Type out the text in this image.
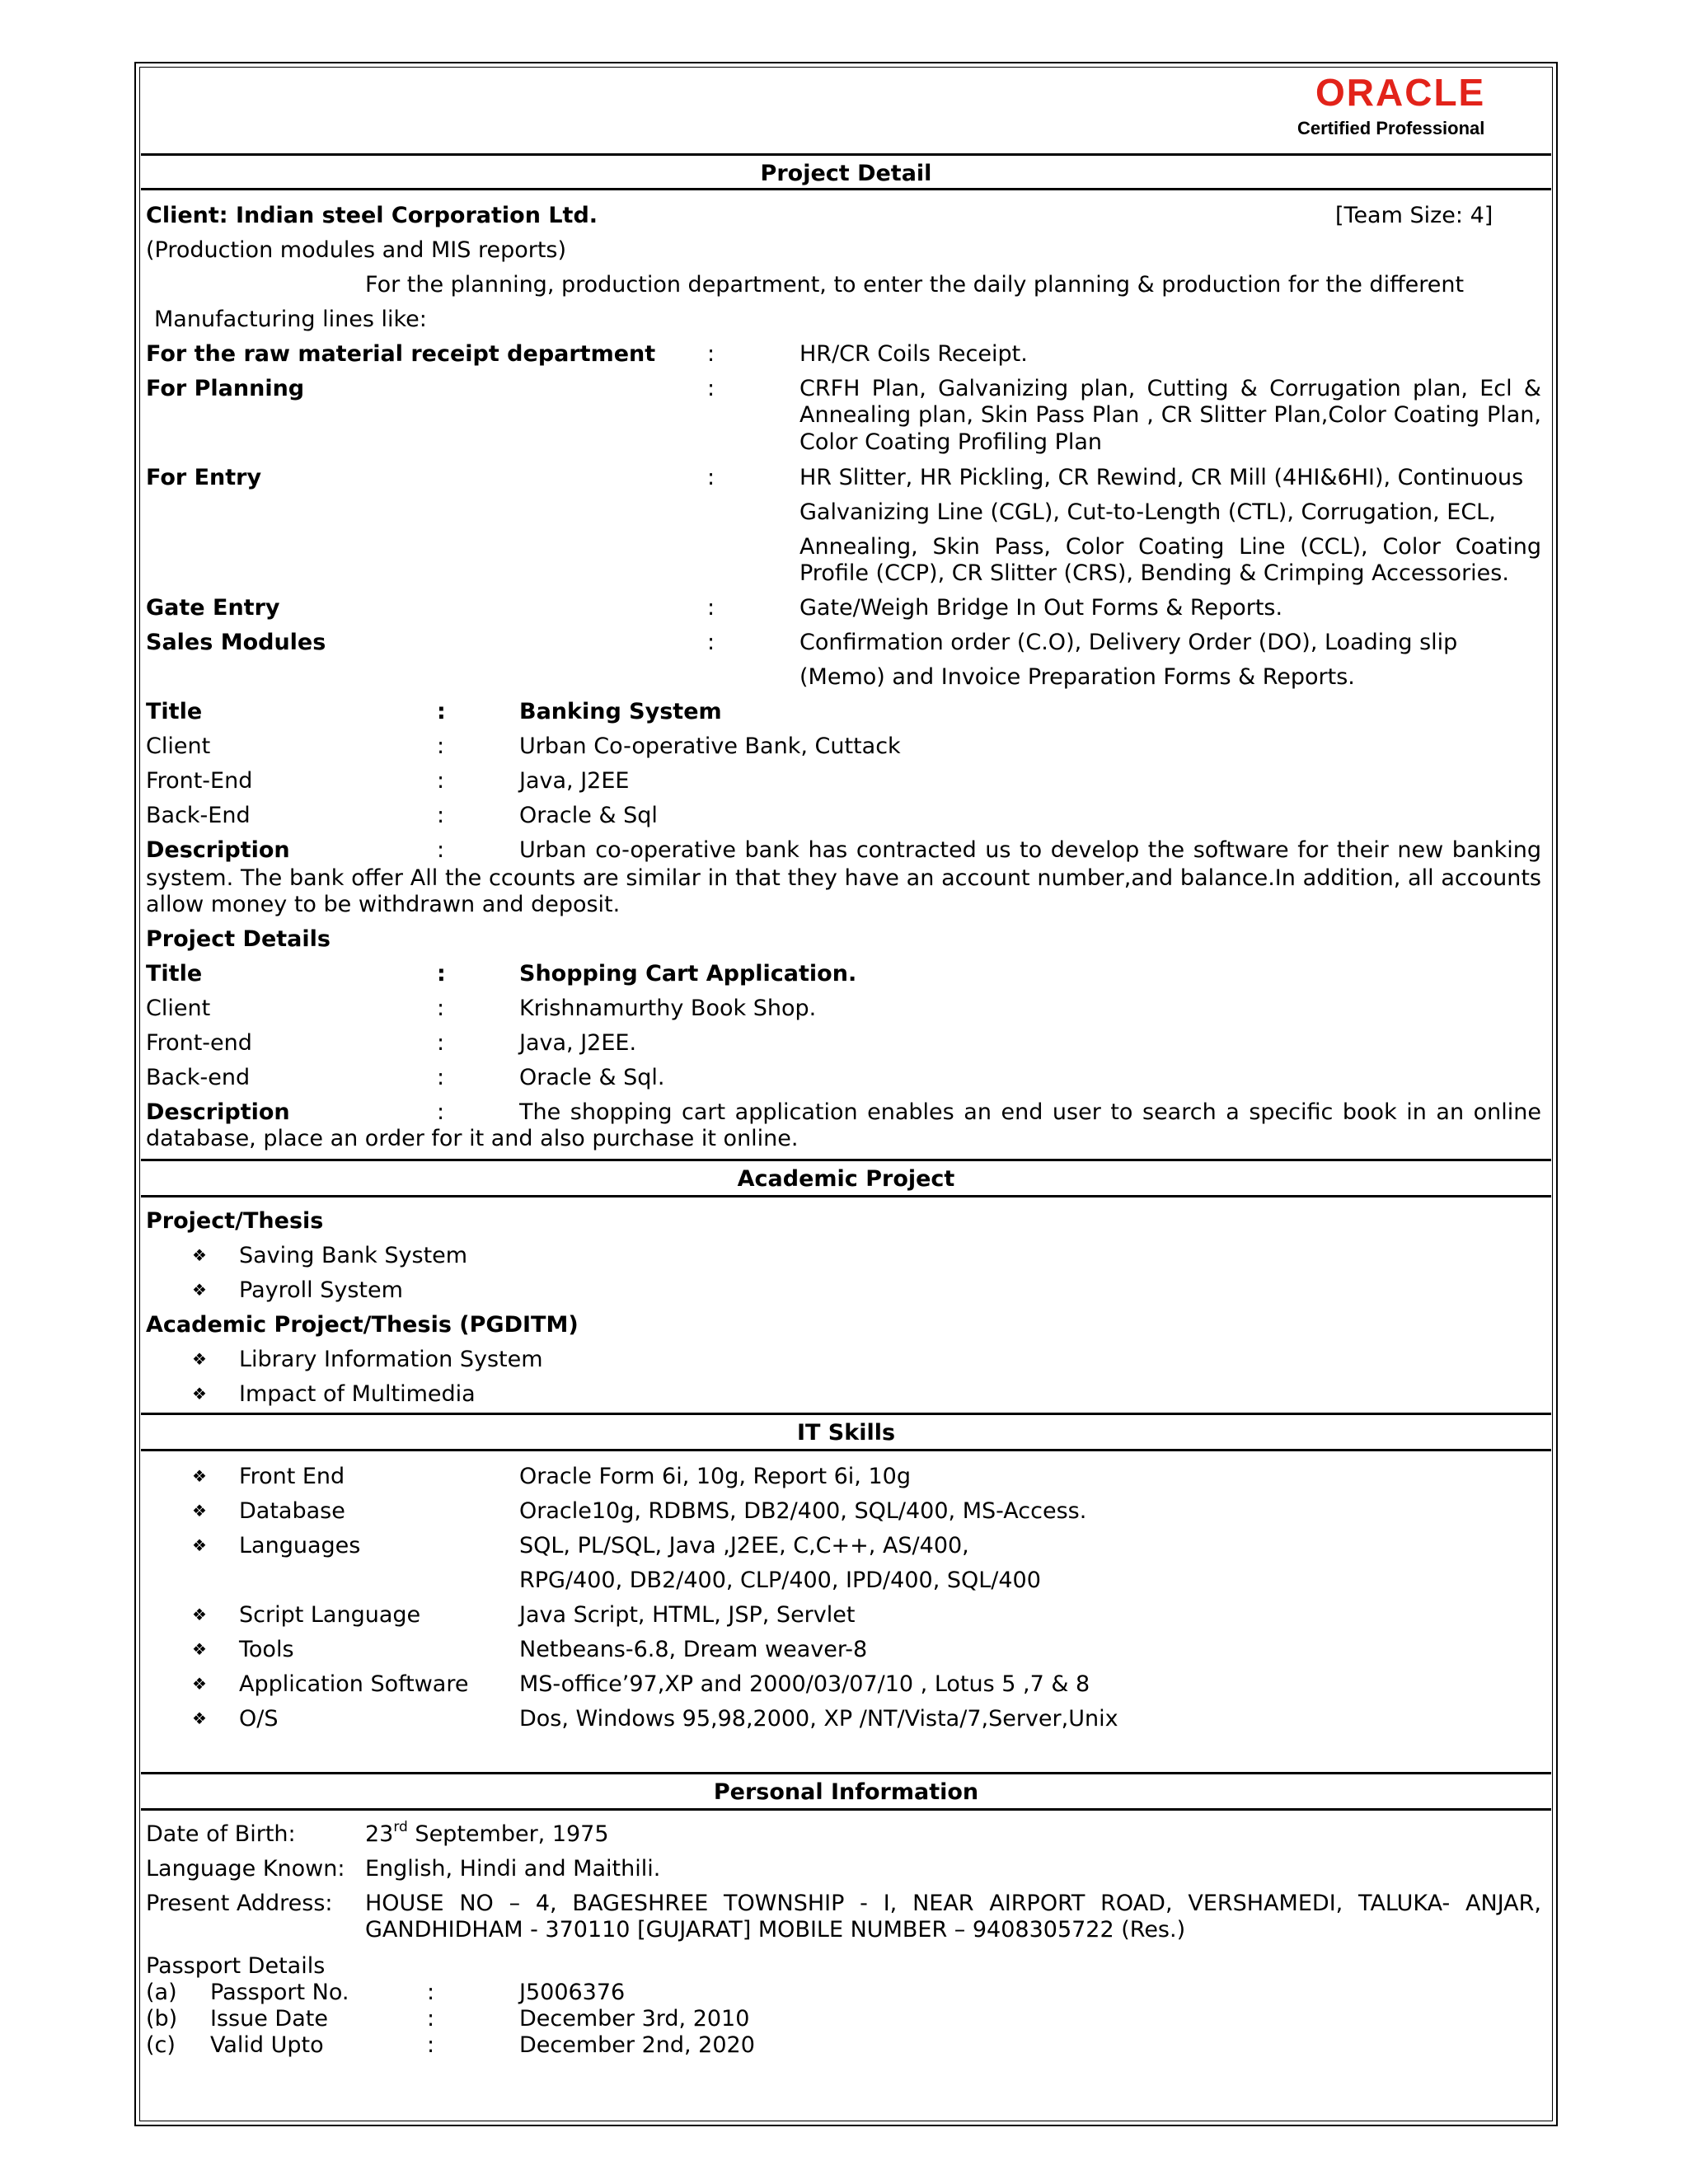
ORACLE
Certified Professional
Project Detail
Client: Indian steel Corporation Ltd.	[Team Size: 4]
(Production modules and MIS reports)
For the planning, production department, to enter the daily planning & production for the different
Manufacturing lines like:
For the raw material receipt department :	HR/CR Coils Receipt.
For Planning	:	CRFH Plan, Galvanizing plan, Cutting & Corrugation plan, Ecl & Annealing plan, Skin Pass Plan , CR Slitter Plan,Color Coating Plan, Color Coating Profiling Plan
For Entry	:	HR Slitter, HR Pickling, CR Rewind, CR Mill (4HI&6HI), Continuous
Galvanizing Line (CGL), Cut-to-Length (CTL), Corrugation, ECL,
Annealing, Skin Pass, Color Coating Line (CCL), Color Coating Profile (CCP), CR Slitter (CRS), Bending & Crimping Accessories.
Gate Entry	:	Gate/Weigh Bridge In Out Forms & Reports.
Sales Modules	:	Confirmation order (C.O), Delivery Order (DO), Loading slip
(Memo) and Invoice Preparation Forms & Reports.
Title	:	Banking System
Client	:	Urban Co-operative Bank, Cuttack
Front-End	:	Java, J2EE
Back-End	:	Oracle & Sql
Description	:	Urban co-operative bank has contracted us to develop the software for their new banking
system. The bank offer All the ccounts are similar in that they have an account number,and balance.In addition, all accounts allow money to be withdrawn and deposit.
Project Details
Title	:	Shopping Cart Application.
Client	:	Krishnamurthy Book Shop.
Front-end	:	Java, J2EE.
Back-end	:	Oracle & Sql.
Description	:	The shopping cart application enables an end user to search a specific book in an online
database, place an order for it and also purchase it online.
Academic Project
Project/Thesis
❖ Saving Bank System
❖ Payroll System
Academic Project/Thesis (PGDITM)
❖ Library Information System
❖ Impact of Multimedia
IT Skills
❖ Front End	Oracle Form 6i, 10g, Report 6i, 10g
❖ Database	Oracle10g, RDBMS, DB2/400, SQL/400, MS-Access.
❖ Languages	SQL, PL/SQL, Java ,J2EE, C,C++, AS/400,
RPG/400, DB2/400, CLP/400, IPD/400, SQL/400
❖ Script Language	Java Script, HTML, JSP, Servlet
❖ Tools	Netbeans-6.8, Dream weaver-8
❖ Application Software MS-office’97,XP and 2000/03/07/10 , Lotus 5 ,7 & 8
❖ O/S	Dos, Windows 95,98,2000, XP /NT/Vista/7,Server,Unix
Personal Information
Date of Birth:	23rd September, 1975
Language Known: English, Hindi and Maithili.
Present Address: HOUSE NO – 4, BAGESHREE TOWNSHIP - I, NEAR AIRPORT ROAD, VERSHAMEDI, TALUKA- ANJAR, GANDHIDHAM - 370110 [GUJARAT] MOBILE NUMBER – 9408305722 (Res.)
Passport Details
(a) Passport No.	:	J5006376
(b) Issue Date	:	December 3rd, 2010
(c) Valid Upto	:	December 2nd, 2020
